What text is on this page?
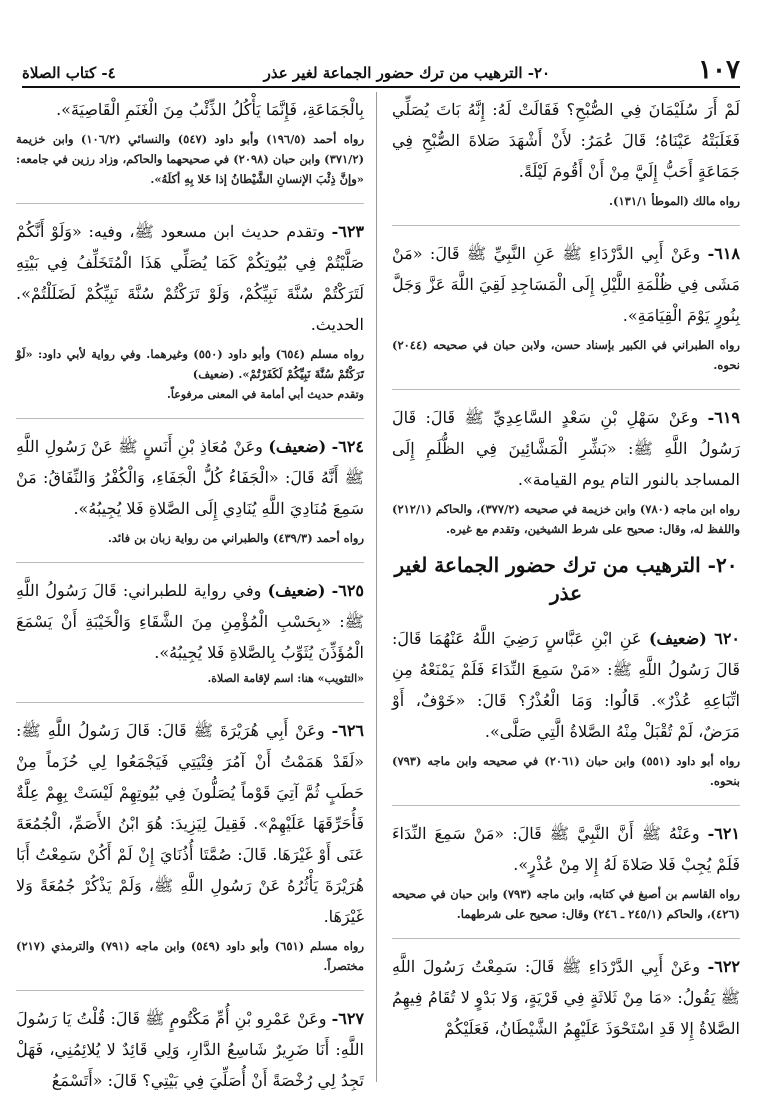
١٠٧
٢٠- الترهيب من ترك حضور الجماعة لغير عذر
٤- كتاب الصلاة

لَمْ أَرَ سُلَيْمَانَ فِي الصُّبْحِ؟ فَقَالَتْ لَهُ: إِنَّهُ بَاتَ يُصَلِّي فَغَلَبَتْهُ عَيْنَاهُ؛ قَالَ عُمَرُ: لأَنْ أَشْهَدَ صَلاةَ الصُّبْحِ فِي جَمَاعَةٍ أَحَبُّ إِلَيَّ مِنْ أَنْ أَقُومَ لَيْلَةً.

رواه مالك (الموطأ ١٣١/١).

٦١٨- وعَنْ أَبِي الدَّرْدَاءِ ﷺ عَنِ النَّبِيِّ ﷺ قَالَ: «مَنْ مَشَى فِي ظُلْمَةِ اللَّيْلِ إِلَى الْمَسَاجِدِ لَقِيَ اللَّهَ عَزَّ وَجَلَّ بِنُورٍ يَوْمَ الْقِيَامَةِ».

رواه الطبراني في الكبير بإسناد حسن، ولابن حبان في صحيحه (٢٠٤٤) نحوه.

٦١٩- وعَنْ سَهْلِ بْنِ سَعْدٍ السَّاعِدِيِّ ﷺ قَالَ: قَالَ رَسُولُ اللَّهِ ﷺ: «بَشِّرِ الْمَشَّائِينَ فِي الظُّلَمِ إِلَى المساجد بالنور التام يوم القيامة».

رواه ابن ماجه (٧٨٠) وابن خزيمة في صحيحه (٣٧٧/٢)، والحاكم (٢١٢/١) واللفظ له، وقال: صحيح على شرط الشيخين، وتقدم مع غيره.

٢٠- الترهيب من ترك حضور الجماعة لغير عذر

٦٢٠ (ضعيف) عَنِ ابْنِ عَبَّاسٍ رَضِيَ اللَّهُ عَنْهُمَا قَالَ: قَالَ رَسُولُ اللَّهِ ﷺ: «مَنْ سَمِعَ النِّدَاءَ فَلَمْ يَمْنَعْهُ مِنِ اتِّبَاعِهِ عُذْرٌ». قَالُوا: وَمَا الْعُذْرُ؟ قَالَ: «خَوْفٌ، أَوْ مَرَضٌ، لَمْ تُقْبَلْ مِنْهُ الصَّلاةُ الَّتِي صَلَّى».

رواه أبو داود (٥٥١) وابن حبان (٢٠٦١) في صحيحه وابن ماجه (٧٩٣) بنحوه.

٦٢١- وعَنْهُ ﷺ أَنَّ النَّبِيَّ ﷺ قَالَ: «مَنْ سَمِعَ النِّدَاءَ فَلَمْ يُجِبْ فَلا صَلاةَ لَهُ إِلا مِنْ عُذْرٍ».

رواه القاسم بن أصبغ في كتابه، وابن ماجه (٧٩٣) وابن حبان في صحيحه (٤٢٦)، والحاكم (٢٤٥/١ ـ ٢٤٦) وقال: صحيح على شرطهما.

٦٢٢- وعَنْ أَبِي الدَّرْدَاءِ ﷺ قَالَ: سَمِعْتُ رَسُولَ اللَّهِ ﷺ يَقُولُ: «مَا مِنْ ثَلاثَةٍ فِي قَرْيَةٍ، وَلا بَدْوٍ لا تُقَامُ فِيهِمُ الصَّلاةُ إِلا قَدِ اسْتَحْوَذَ عَلَيْهِمُ الشَّيْطَانُ، فَعَلَيْكُمْ

بِالْجَمَاعَةِ، فَإِنَّمَا يَأْكُلُ الذِّئْبُ مِنَ الْغَنَمِ الْقَاصِيَةَ».

رواه أحمد (١٩٦/٥) وأبو داود (٥٤٧) والنسائي (١٠٦/٢) وابن خزيمة (٣٧١/٢) وابن حبان (٢٠٩٨) في صحيحهما والحاكم، وزاد رزين في جامعه: «وإنَّ ذِئْبَ الإنسانِ الشَّيْطانُ إذا خَلا بِهِ أكلَهُ».

٦٢٣- وتقدم حديث ابن مسعود ﷺ، وفيه: «وَلَوْ أَنَّكُمْ صَلَّيْتُمْ فِي بُيُوتِكُمْ كَمَا يُصَلِّي هَذَا الْمُتَخَلِّفُ فِي بَيْتِهِ لَتَرَكْتُمْ سُنَّةَ نَبِيِّكُمْ، وَلَوْ تَرَكْتُمْ سُنَّةَ نَبِيِّكُمْ لَضَلَلْتُمْ». الحديث.

رواه مسلم (٦٥٤) وأبو داود (٥٥٠) وغيرهما. وفي رواية لأبي داود: «لَوْ تَرَكْتُمْ سُنَّةَ نَبِيِّكُمْ لَكَفَرْتُمْ». (ضعيف)

وتقدم حديث أبي أمامة في المعنى مرفوعاً.

٦٢٤- (ضعيف) وعَنْ مُعَاذِ بْنِ أَنَسٍ ﷺ عَنْ رَسُولِ اللَّهِ ﷺ أَنَّهُ قَالَ: «الْجَفَاءُ كُلُّ الْجَفَاءِ، وَالْكُفْرُ وَالنِّفَاقُ: مَنْ سَمِعَ مُنَادِيَ اللَّهِ يُنَادِي إِلَى الصَّلاةِ فَلا يُجِيبُهُ».

رواه أحمد (٤٣٩/٣) والطبراني من رواية زبان بن فائد.

٦٢٥- (ضعيف) وفي رواية للطبراني: قَالَ رَسُولُ اللَّهِ ﷺ: «بِحَسْبِ الْمُؤْمِنِ مِنَ الشَّقَاءِ وَالْخَيْبَةِ أَنْ يَسْمَعَ الْمُؤَذِّنَ يُثَوِّبُ بِالصَّلاةِ فَلا يُجِيبُهُ».

«التثويب» هنا: اسم لإقامة الصلاة.

٦٢٦- وعَنْ أَبِي هُرَيْرَةَ ﷺ قَالَ: قَالَ رَسُولُ اللَّهِ ﷺ: «لَقَدْ هَمَمْتُ أَنْ آمُرَ فِتْيَتِي فَيَجْمَعُوا لِي حُزَماً مِنْ حَطَبٍ ثُمَّ آتِيَ قَوْماً يُصَلُّونَ فِي بُيُوتِهِمْ لَيْسَتْ بِهِمْ عِلَّةٌ فَأُحَرِّقَهَا عَلَيْهِمْ». فَقِيلَ لِيَزِيدَ: هُوَ ابْنُ الأَصَمِّ، الْجُمُعَةَ عَنَى أَوْ غَيْرَهَا. قَالَ: صُمَّتَا أُذُنَايَ إِنْ لَمْ أَكُنْ سَمِعْتُ أَبَا هُرَيْرَةَ يَأْثُرُهُ عَنْ رَسُولِ اللَّهِ ﷺ، وَلَمْ يَذْكُرْ جُمُعَةً وَلا غَيْرَهَا.

رواه مسلم (٦٥١) وأبو داود (٥٤٩) وابن ماجه (٧٩١) والترمذي (٢١٧) مختصراً.

٦٢٧- وعَنْ عَمْرِو بْنِ أُمِّ مَكْتُومٍ ﷺ قَالَ: قُلْتُ يَا رَسُولَ اللَّهِ: أَنَا ضَرِيرٌ شَاسِعُ الدَّارِ، وَلِي قَائِدٌ لا يُلائِمُنِي، فَهَلْ تَجِدُ لِي رُخْصَةً أَنْ أُصَلِّيَ فِي بَيْتِي؟ قَالَ: «أَتَسْمَعُ
